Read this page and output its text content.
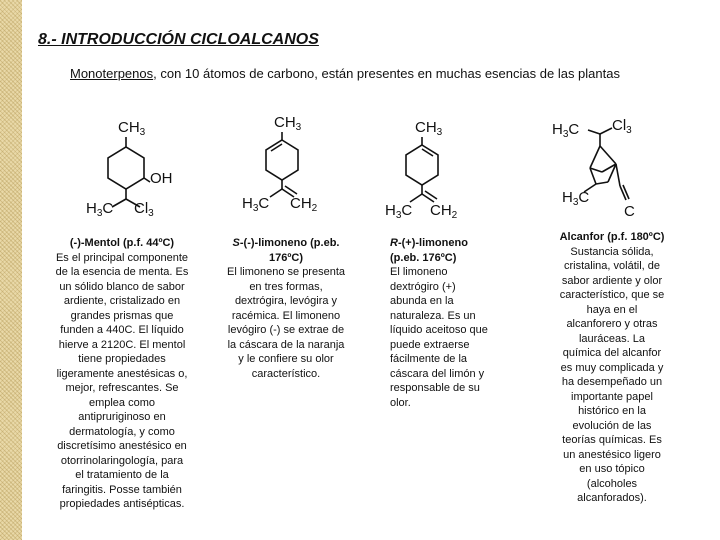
8.- INTRODUCCIÓN CICLOALCANOS
Monoterpenos, con 10 átomos de carbono, están presentes en muchas esencias de las plantas
$CH_3$
OH
$H_3C$ $Cl_3$
$CH_3$
$H_3C$ $CH_2$
$CH_3$
$H_3C$ $CH_2$
$H_3C$ $Cl_3$
$H_3C$
C
(-)-Mentol (p.f. 44ºC)
Es el principal componente
de la esencia de menta. Es
un sólido blanco de sabor
ardiente, cristalizado en
grandes prismas que
funden a 440C. El líquido
hierve a 2120C. El mentol
tiene propiedades
ligeramente anestésicas o,
mejor, refrescantes. Se
emplea como
antipruriginoso en
dermatología, y como
discretísimo anestésico en
otorrinolaringología, para
el tratamiento de la
faringitis. Posse también
propiedades antisépticas.
S-(-)-limoneno (p.eb.
176ºC)
El limoneno se presenta
en tres formas,
dextrógira, levógira y
racémica. El limoneno
levógiro (-) se extrae de
la cáscara de la naranja
y le confiere su olor
característico.
R-(+)-limoneno
(p.eb. 176ºC)
El limoneno
dextrógiro (+)
abunda en la
naturaleza. Es un
líquido aceitoso que
puede extraerse
fácilmente de la
cáscara del limón y
responsable de su
olor.
Alcanfor (p.f. 180ºC)
Sustancia sólida,
cristalina, volátil, de
sabor ardiente y olor
característico, que se
haya en el
alcanforero y otras
lauráceas. La
química del alcanfor
es muy complicada y
ha desempeñado un
importante papel
histórico en la
evolución de las
teorías químicas. Es
un anestésico ligero
en uso tópico
(alcoholes
alcanforados).
